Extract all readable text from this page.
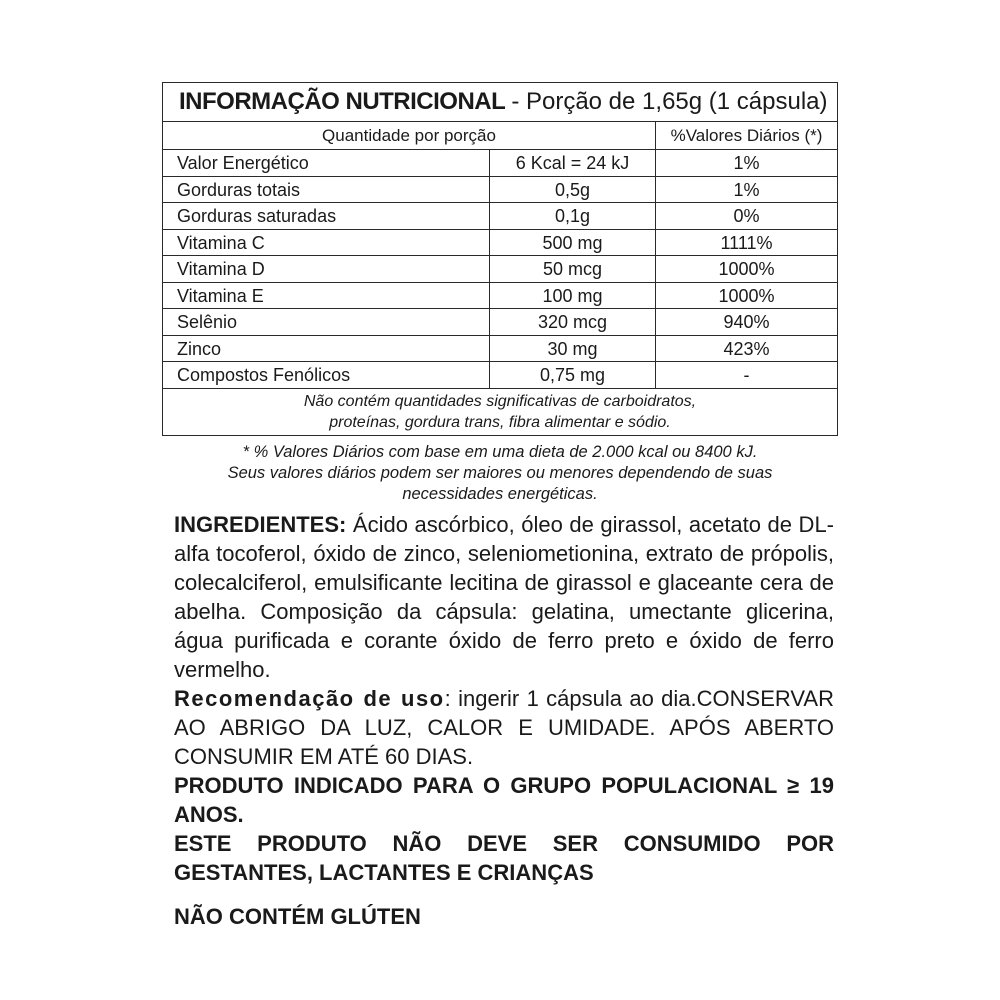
INFORMAÇÃO NUTRICIONAL - Porção de 1,65g (1 cápsula)
Quantidade por porção	%Valores Diários (*)
Valor Energético	6 Kcal = 24 kJ	1%
Gorduras totais	0,5g	1%
Gorduras saturadas	0,1g	0%
Vitamina C	500 mg	1111%
Vitamina D	50 mcg	1000%
Vitamina E	100 mg	1000%
Selênio	320 mcg	940%
Zinco	30 mg	423%
Compostos Fenólicos	0,75 mg	-
Não contém quantidades significativas de carboidratos,
proteínas, gordura trans, fibra alimentar e sódio.
* % Valores Diários com base em uma dieta de 2.000 kcal ou 8400 kJ.
Seus valores diários podem ser maiores ou menores dependendo de suas
necessidades energéticas.

INGREDIENTES: Ácido ascórbico, óleo de girassol, acetato de DL-alfa tocoferol, óxido de zinco, seleniometionina, extrato de própolis, colecalciferol, emulsificante lecitina de girassol e glaceante cera de abelha. Composição da cápsula: gelatina, umectante glicerina, água purificada e corante óxido de ferro preto e óxido de ferro vermelho.

Recomendação de uso: ingerir 1 cápsula ao dia.CONSERVAR AO ABRIGO DA LUZ, CALOR E UMIDADE. APÓS ABERTO CONSUMIR EM ATÉ 60 DIAS.

PRODUTO INDICADO PARA O GRUPO POPULACIONAL ≥ 19 ANOS.

ESTE PRODUTO NÃO DEVE SER CONSUMIDO POR GESTANTES, LACTANTES E CRIANÇAS

NÃO CONTÉM GLÚTEN
